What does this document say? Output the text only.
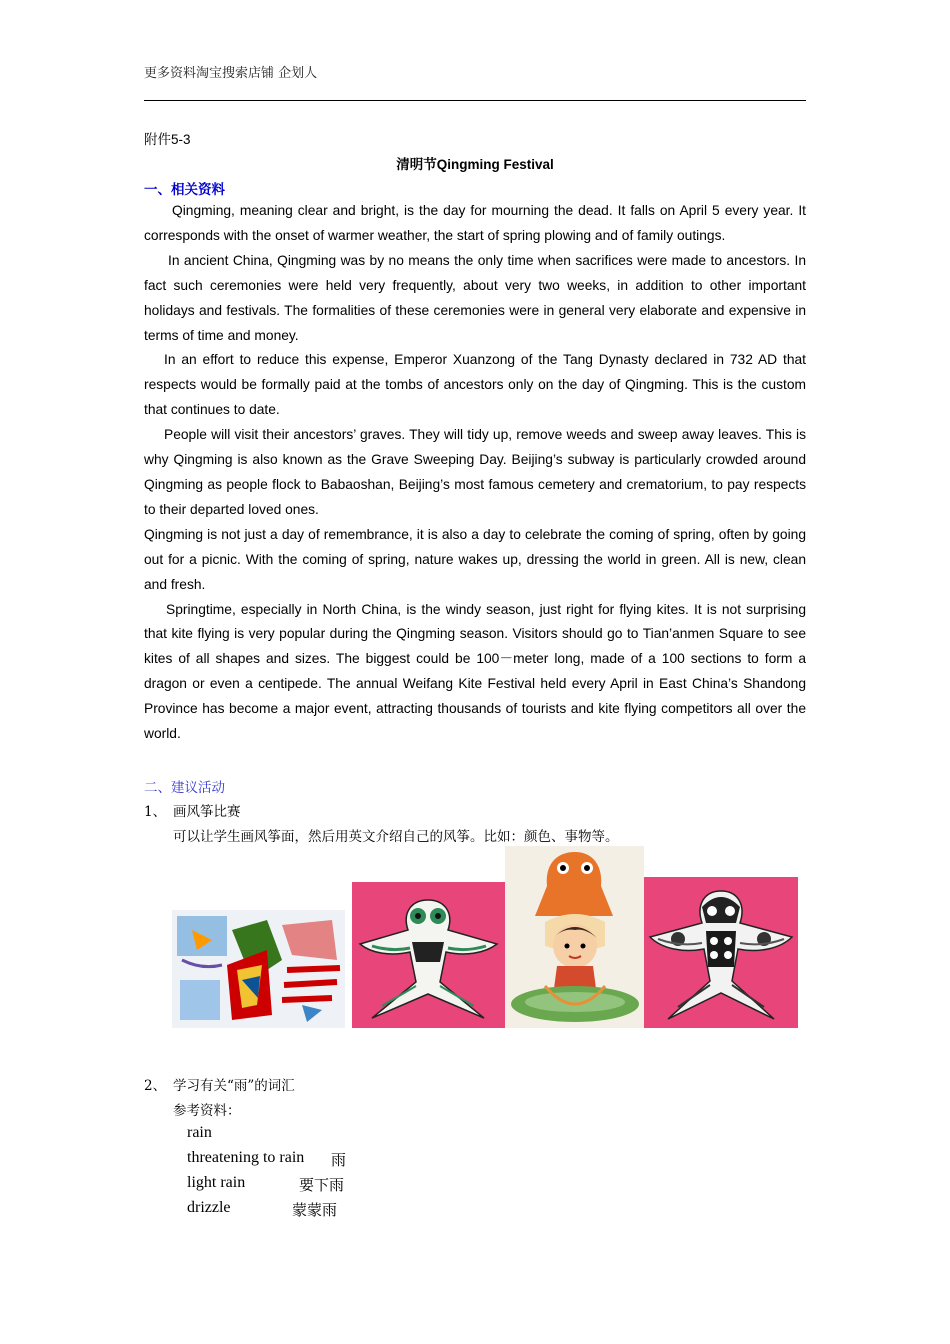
更多资料淘宝搜索店铺 企划人
附件5-3
清明节Qingming Festival
一、相关资料

Qingming, meaning clear and bright, is the day for mourning the dead. It falls on April 5 every year. It corresponds with the onset of warmer weather, the start of spring plowing and of family outings.

In ancient China, Qingming was by no means the only time when sacrifices were made to ancestors. In fact such ceremonies were held very frequently, about very two weeks, in addition to other important holidays and festivals. The formalities of these ceremonies were in general very elaborate and expensive in terms of time and money.

In an effort to reduce this expense, Emperor Xuanzong of the Tang Dynasty declared in 732 AD that respects would be formally paid at the tombs of ancestors only on the day of Qingming. This is the custom that continues to date.

People will visit their ancestors’ graves. They will tidy up, remove weeds and sweep away leaves. This is why Qingming is also known as the Grave Sweeping Day. Beijing’s subway is particularly crowded around Qingming as people flock to Babaoshan, Beijing’s most famous cemetery and crematorium, to pay respects to their departed loved ones.

Qingming is not just a day of remembrance, it is also a day to celebrate the coming of spring, often by going out for a picnic. With the coming of spring, nature wakes up, dressing the world in green. All is new, clean and fresh.

Springtime, especially in North China, is the windy season, just right for flying kites. It is not surprising that kite flying is very popular during the Qingming season. Visitors should go to Tian’anmen Square to see kites of all shapes and sizes. The biggest could be 100－meter long, made of a 100 sections to form a dragon or even a centipede. The annual Weifang Kite Festival held every April in East China’s Shandong Province has become a major event, attracting thousands of tourists and kite flying competitors all over the world.

二、建议活动
1、 画风筝比赛
可以让学生画风筝面，然后用英文介绍自己的风筝。比如：颜色、事物等。
2、 学习有关“雨”的词汇
参考资料：
rain
threatening to rain 雨
light rain	要下雨
drizzle	蒙蒙雨
